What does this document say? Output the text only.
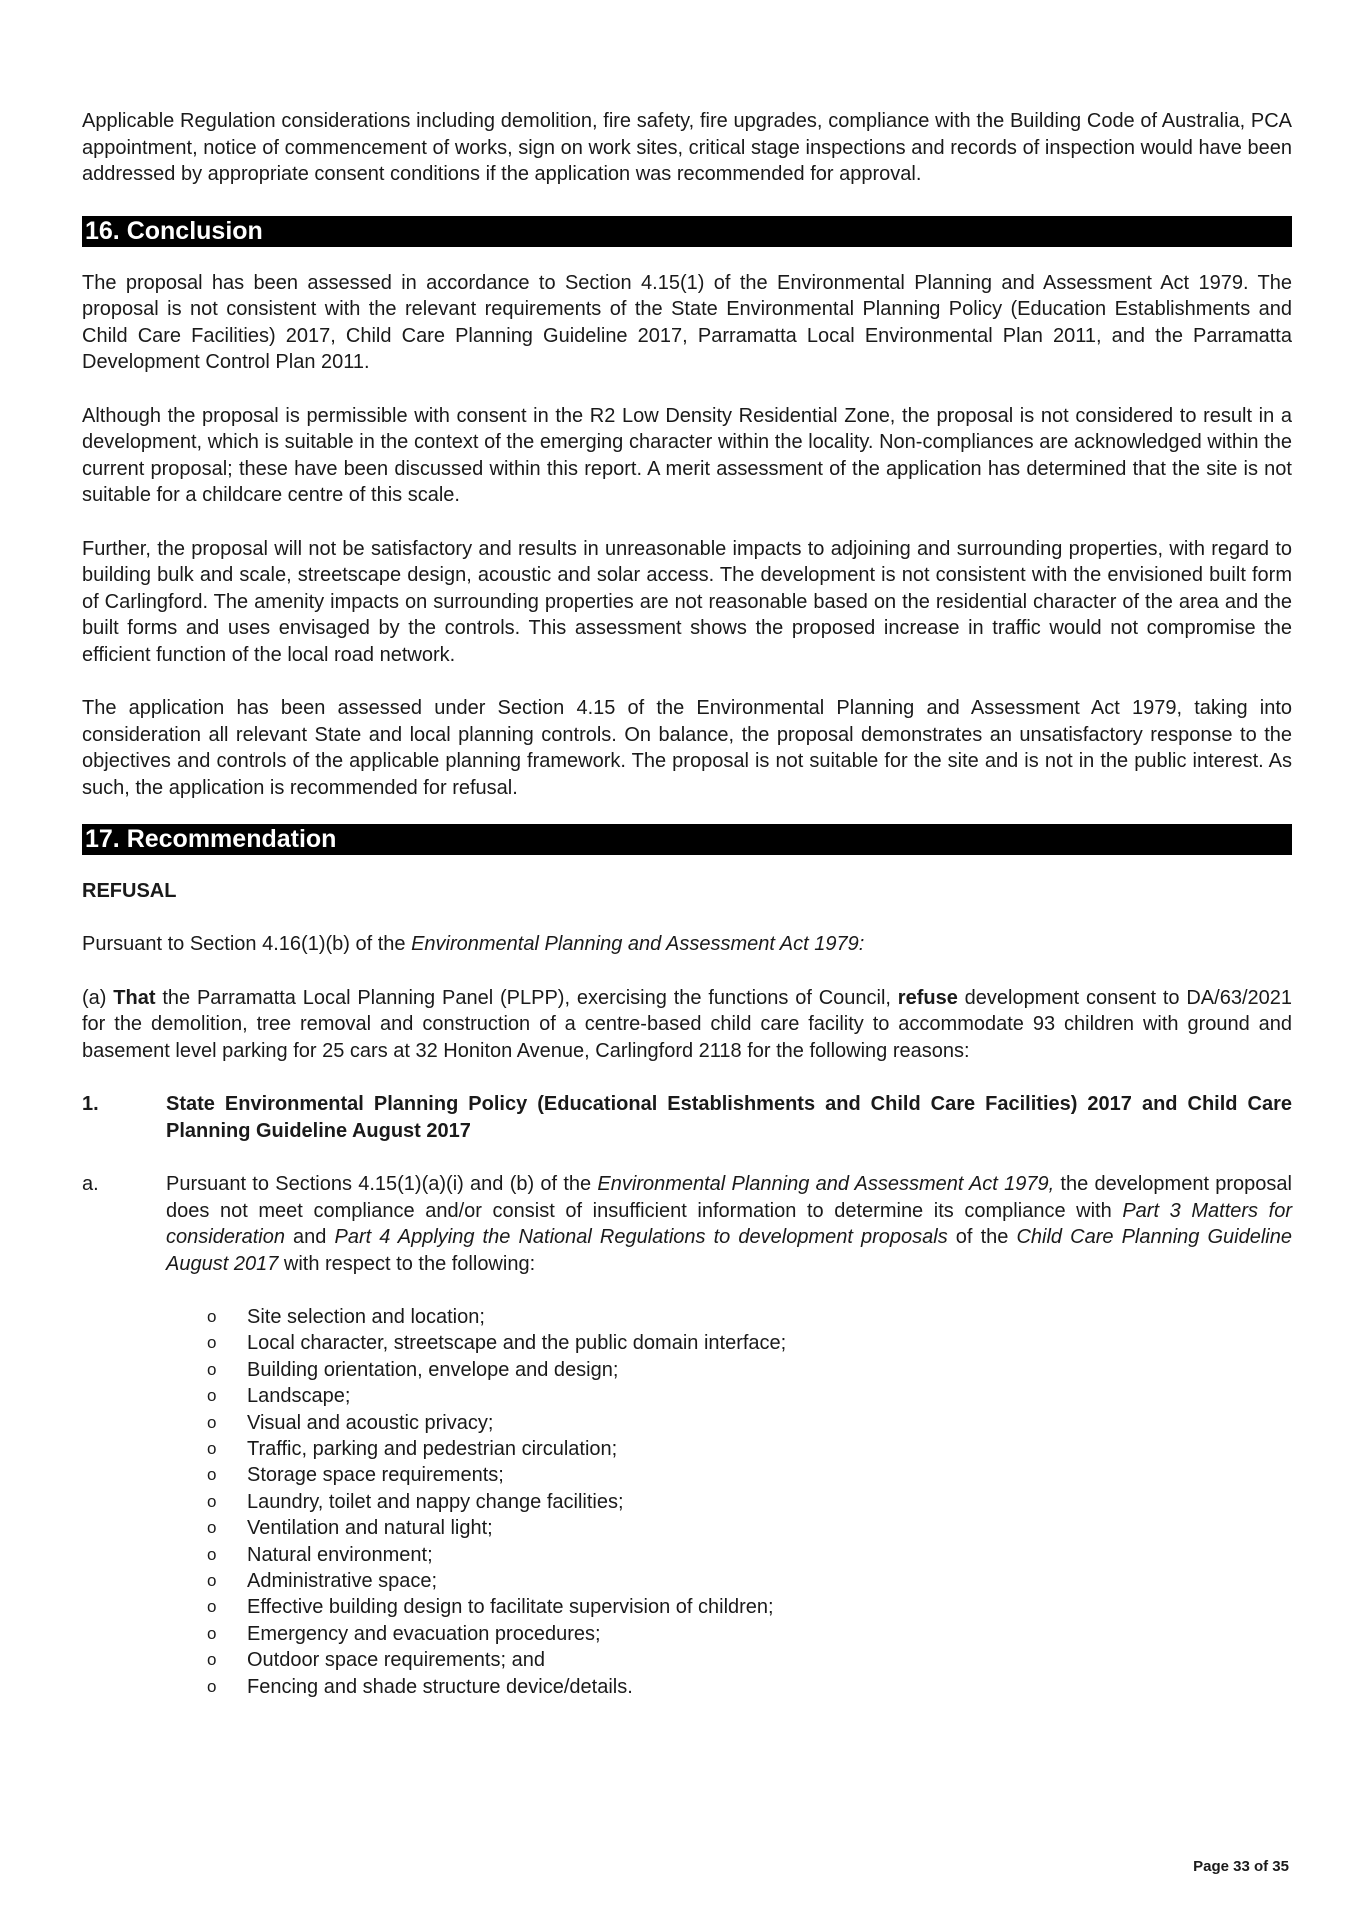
Applicable Regulation considerations including demolition, fire safety, fire upgrades, compliance with the Building Code of Australia, PCA appointment, notice of commencement of works, sign on work sites, critical stage inspections and records of inspection would have been addressed by appropriate consent conditions if the application was recommended for approval.

16. Conclusion

The proposal has been assessed in accordance to Section 4.15(1) of the Environmental Planning and Assessment Act 1979. The proposal is not consistent with the relevant requirements of the State Environmental Planning Policy (Education Establishments and Child Care Facilities) 2017, Child Care Planning Guideline 2017, Parramatta Local Environmental Plan 2011, and the Parramatta Development Control Plan 2011.

Although the proposal is permissible with consent in the R2 Low Density Residential Zone, the proposal is not considered to result in a development, which is suitable in the context of the emerging character within the locality. Non-compliances are acknowledged within the current proposal; these have been discussed within this report. A merit assessment of the application has determined that the site is not suitable for a childcare centre of this scale.

Further, the proposal will not be satisfactory and results in unreasonable impacts to adjoining and surrounding properties, with regard to building bulk and scale, streetscape design, acoustic and solar access. The development is not consistent with the envisioned built form of Carlingford. The amenity impacts on surrounding properties are not reasonable based on the residential character of the area and the built forms and uses envisaged by the controls. This assessment shows the proposed increase in traffic would not compromise the efficient function of the local road network.

The application has been assessed under Section 4.15 of the Environmental Planning and Assessment Act 1979, taking into consideration all relevant State and local planning controls. On balance, the proposal demonstrates an unsatisfactory response to the objectives and controls of the applicable planning framework. The proposal is not suitable for the site and is not in the public interest. As such, the application is recommended for refusal.

17. Recommendation
REFUSAL

Pursuant to Section 4.16(1)(b) of the Environmental Planning and Assessment Act 1979:

(a) That the Parramatta Local Planning Panel (PLPP), exercising the functions of Council, refuse development consent to DA/63/2021 for the demolition, tree removal and construction of a centre-based child care facility to accommodate 93 children with ground and basement level parking for 25 cars at 32 Honiton Avenue, Carlingford 2118 for the following reasons:

1.	State Environmental Planning Policy (Educational Establishments and Child Care Facilities) 2017 and Child Care Planning Guideline August 2017
a.	Pursuant to Sections 4.15(1)(a)(i) and (b) of the Environmental Planning and Assessment Act 1979, the development proposal does not meet compliance and/or consist of insufficient information to determine its compliance with Part 3 Matters for consideration and Part 4 Applying the National Regulations to development proposals of the Child Care Planning Guideline August 2017 with respect to the following:
o	Site selection and location;
o	Local character, streetscape and the public domain interface;
o	Building orientation, envelope and design;
o	Landscape;
o	Visual and acoustic privacy;
o	Traffic, parking and pedestrian circulation;
o	Storage space requirements;
o	Laundry, toilet and nappy change facilities;
o	Ventilation and natural light;
o	Natural environment;
o	Administrative space;
o	Effective building design to facilitate supervision of children;
o	Emergency and evacuation procedures;
o	Outdoor space requirements; and
o	Fencing and shade structure device/details.
Page 33 of 35
